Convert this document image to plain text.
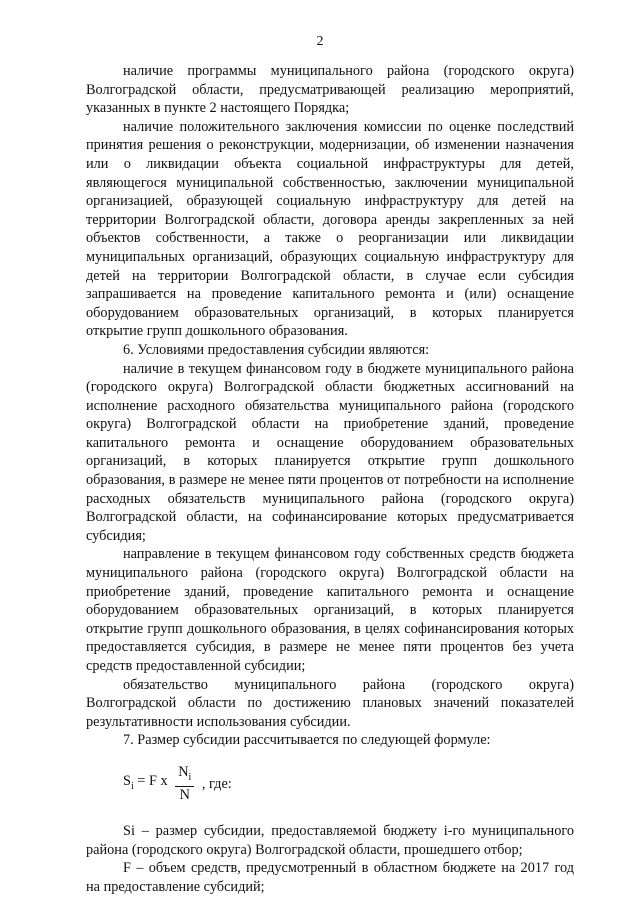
2

наличие программы муниципального района (городского округа) Волгоградской области, предусматривающей реализацию мероприятий, указанных в пункте 2 настоящего Порядка;

наличие положительного заключения комиссии по оценке последствий принятия решения о реконструкции, модернизации, об изменении назначения или о ликвидации объекта социальной инфраструктуры для детей, являющегося муниципальной собственностью, заключении муниципальной организацией, образующей социальную инфраструктуру для детей на территории Волгоградской области, договора аренды закрепленных за ней объектов собственности, а также о реорганизации или ликвидации муниципальных организаций, образующих социальную инфраструктуру для детей на территории Волгоградской области, в случае если субсидия запрашивается на проведение капитального ремонта и (или) оснащение оборудованием образовательных организаций, в которых планируется открытие групп дошкольного образования.

6. Условиями предоставления субсидии являются:

наличие в текущем финансовом году в бюджете муниципального района (городского округа) Волгоградской области бюджетных ассигнований на исполнение расходного обязательства муниципального района (городского округа) Волгоградской области на приобретение зданий, проведение капитального ремонта и оснащение оборудованием образовательных организаций, в которых планируется открытие групп дошкольного образования, в размере не менее пяти процентов от потребности на исполнение расходных обязательств муниципального района (городского округа) Волгоградской области, на софинансирование которых предусматривается субсидия;

направление в текущем финансовом году собственных средств бюджета муниципального района (городского округа) Волгоградской области на приобретение зданий, проведение капитального ремонта и оснащение оборудованием образовательных организаций, в которых планируется открытие групп дошкольного образования, в целях софинансирования которых предоставляется субсидия, в размере не менее пяти процентов без учета средств предоставленной субсидии;

обязательство муниципального района (городского округа) Волгоградской области по достижению плановых значений показателей результативности использования субсидии.

7. Размер субсидии рассчитывается по следующей формуле:

$S_i = F$ x $\frac{N_i}{N}$ , где:

Si – размер субсидии, предоставляемой бюджету i-го муниципального района (городского округа) Волгоградской области, прошедшего отбор;

F – объем средств, предусмотренный в областном бюджете на 2017 год на предоставление субсидий;
